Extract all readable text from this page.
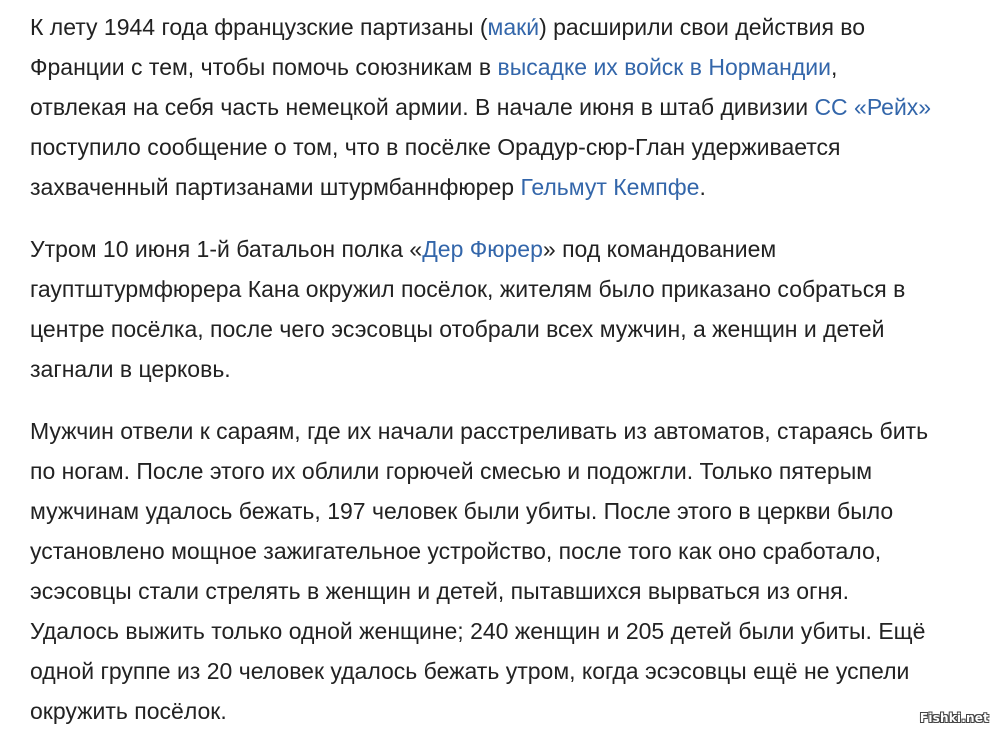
К лету 1944 года французские партизаны (маки́) расширили свои действия во
Франции с тем, чтобы помочь союзникам в высадке их войск в Нормандии,
отвлекая на себя часть немецкой армии. В начале июня в штаб дивизии СС «Рейх»
поступило сообщение о том, что в посёлке Орадур-сюр-Глан удерживается
захваченный партизанами штурмбаннфюрер Гельмут Кемпфе.
Утром 10 июня 1-й батальон полка «Дер Фюрер» под командованием
гауптштурмфюрера Кана окружил посёлок, жителям было приказано собраться в
центре посёлка, после чего эсэсовцы отобрали всех мужчин, а женщин и детей
загнали в церковь.
Мужчин отвели к сараям, где их начали расстреливать из автоматов, стараясь бить
по ногам. После этого их облили горючей смесью и подожгли. Только пятерым
мужчинам удалось бежать, 197 человек были убиты. После этого в церкви было
установлено мощное зажигательное устройство, после того как оно сработало,
эсэсовцы стали стрелять в женщин и детей, пытавшихся вырваться из огня.
Удалось выжить только одной женщине; 240 женщин и 205 детей были убиты. Ещё
одной группе из 20 человек удалось бежать утром, когда эсэсовцы ещё не успели
окружить посёлок.	Fishki.net
